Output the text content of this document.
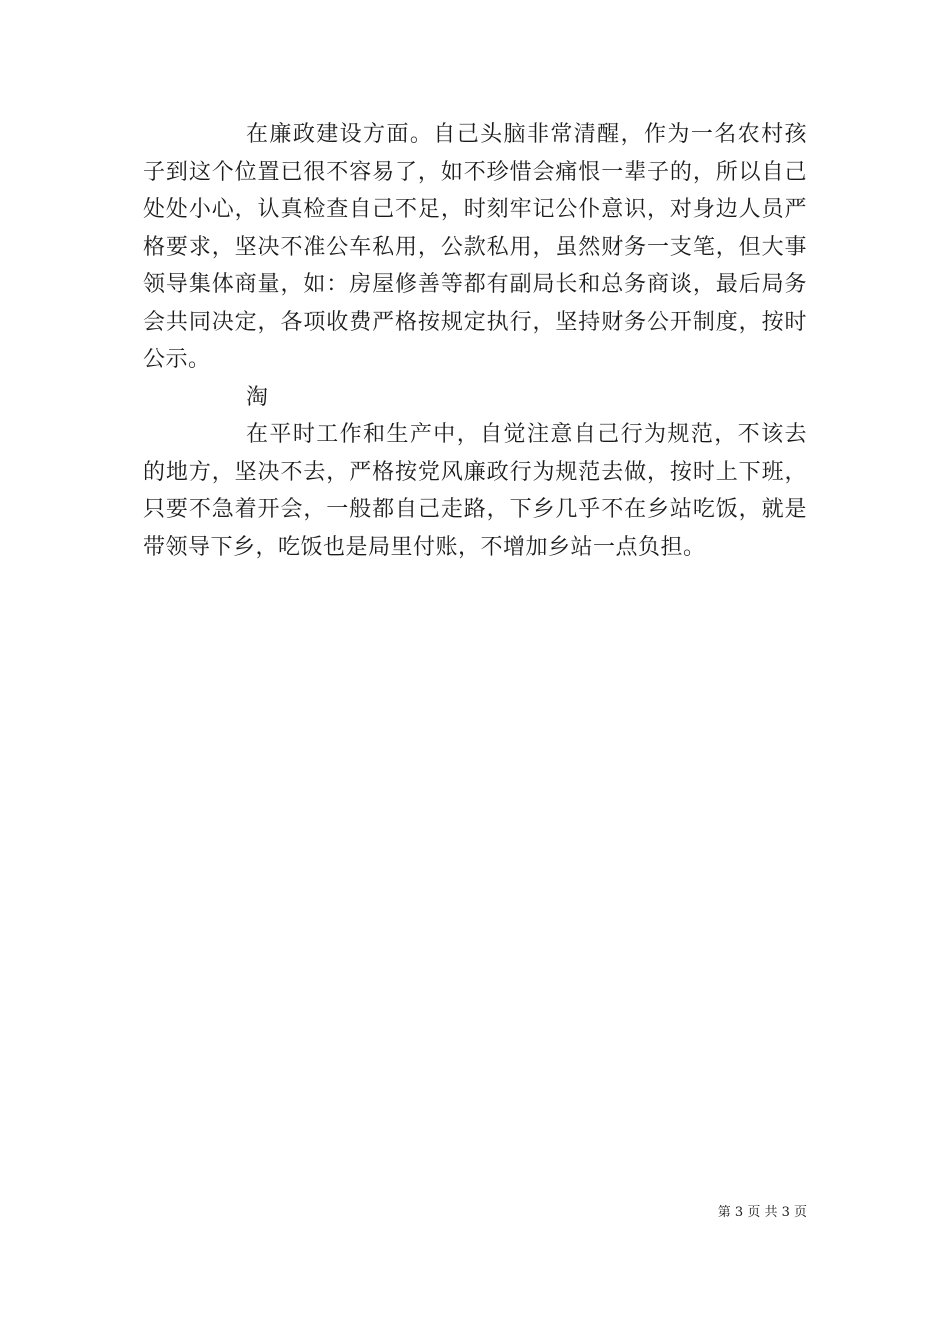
在廉政建设方面。自己头脑非常清醒，作为一名农村孩子到这个位置已很不容易了，如不珍惜会痛恨一辈子的，所以自己处处小心，认真检查自己不足，时刻牢记公仆意识，对身边人员严格要求，坚决不准公车私用，公款私用，虽然财务一支笔，但大事领导集体商量，如：房屋修善等都有副局长和总务商谈，最后局务会共同决定，各项收费严格按规定执行，坚持财务公开制度，按时公示。

淘

在平时工作和生产中，自觉注意自己行为规范，不该去的地方，坚决不去，严格按党风廉政行为规范去做，按时上下班，只要不急着开会，一般都自己走路，下乡几乎不在乡站吃饭，就是带领导下乡，吃饭也是局里付账，不增加乡站一点负担。

第 3 页 共 3 页
